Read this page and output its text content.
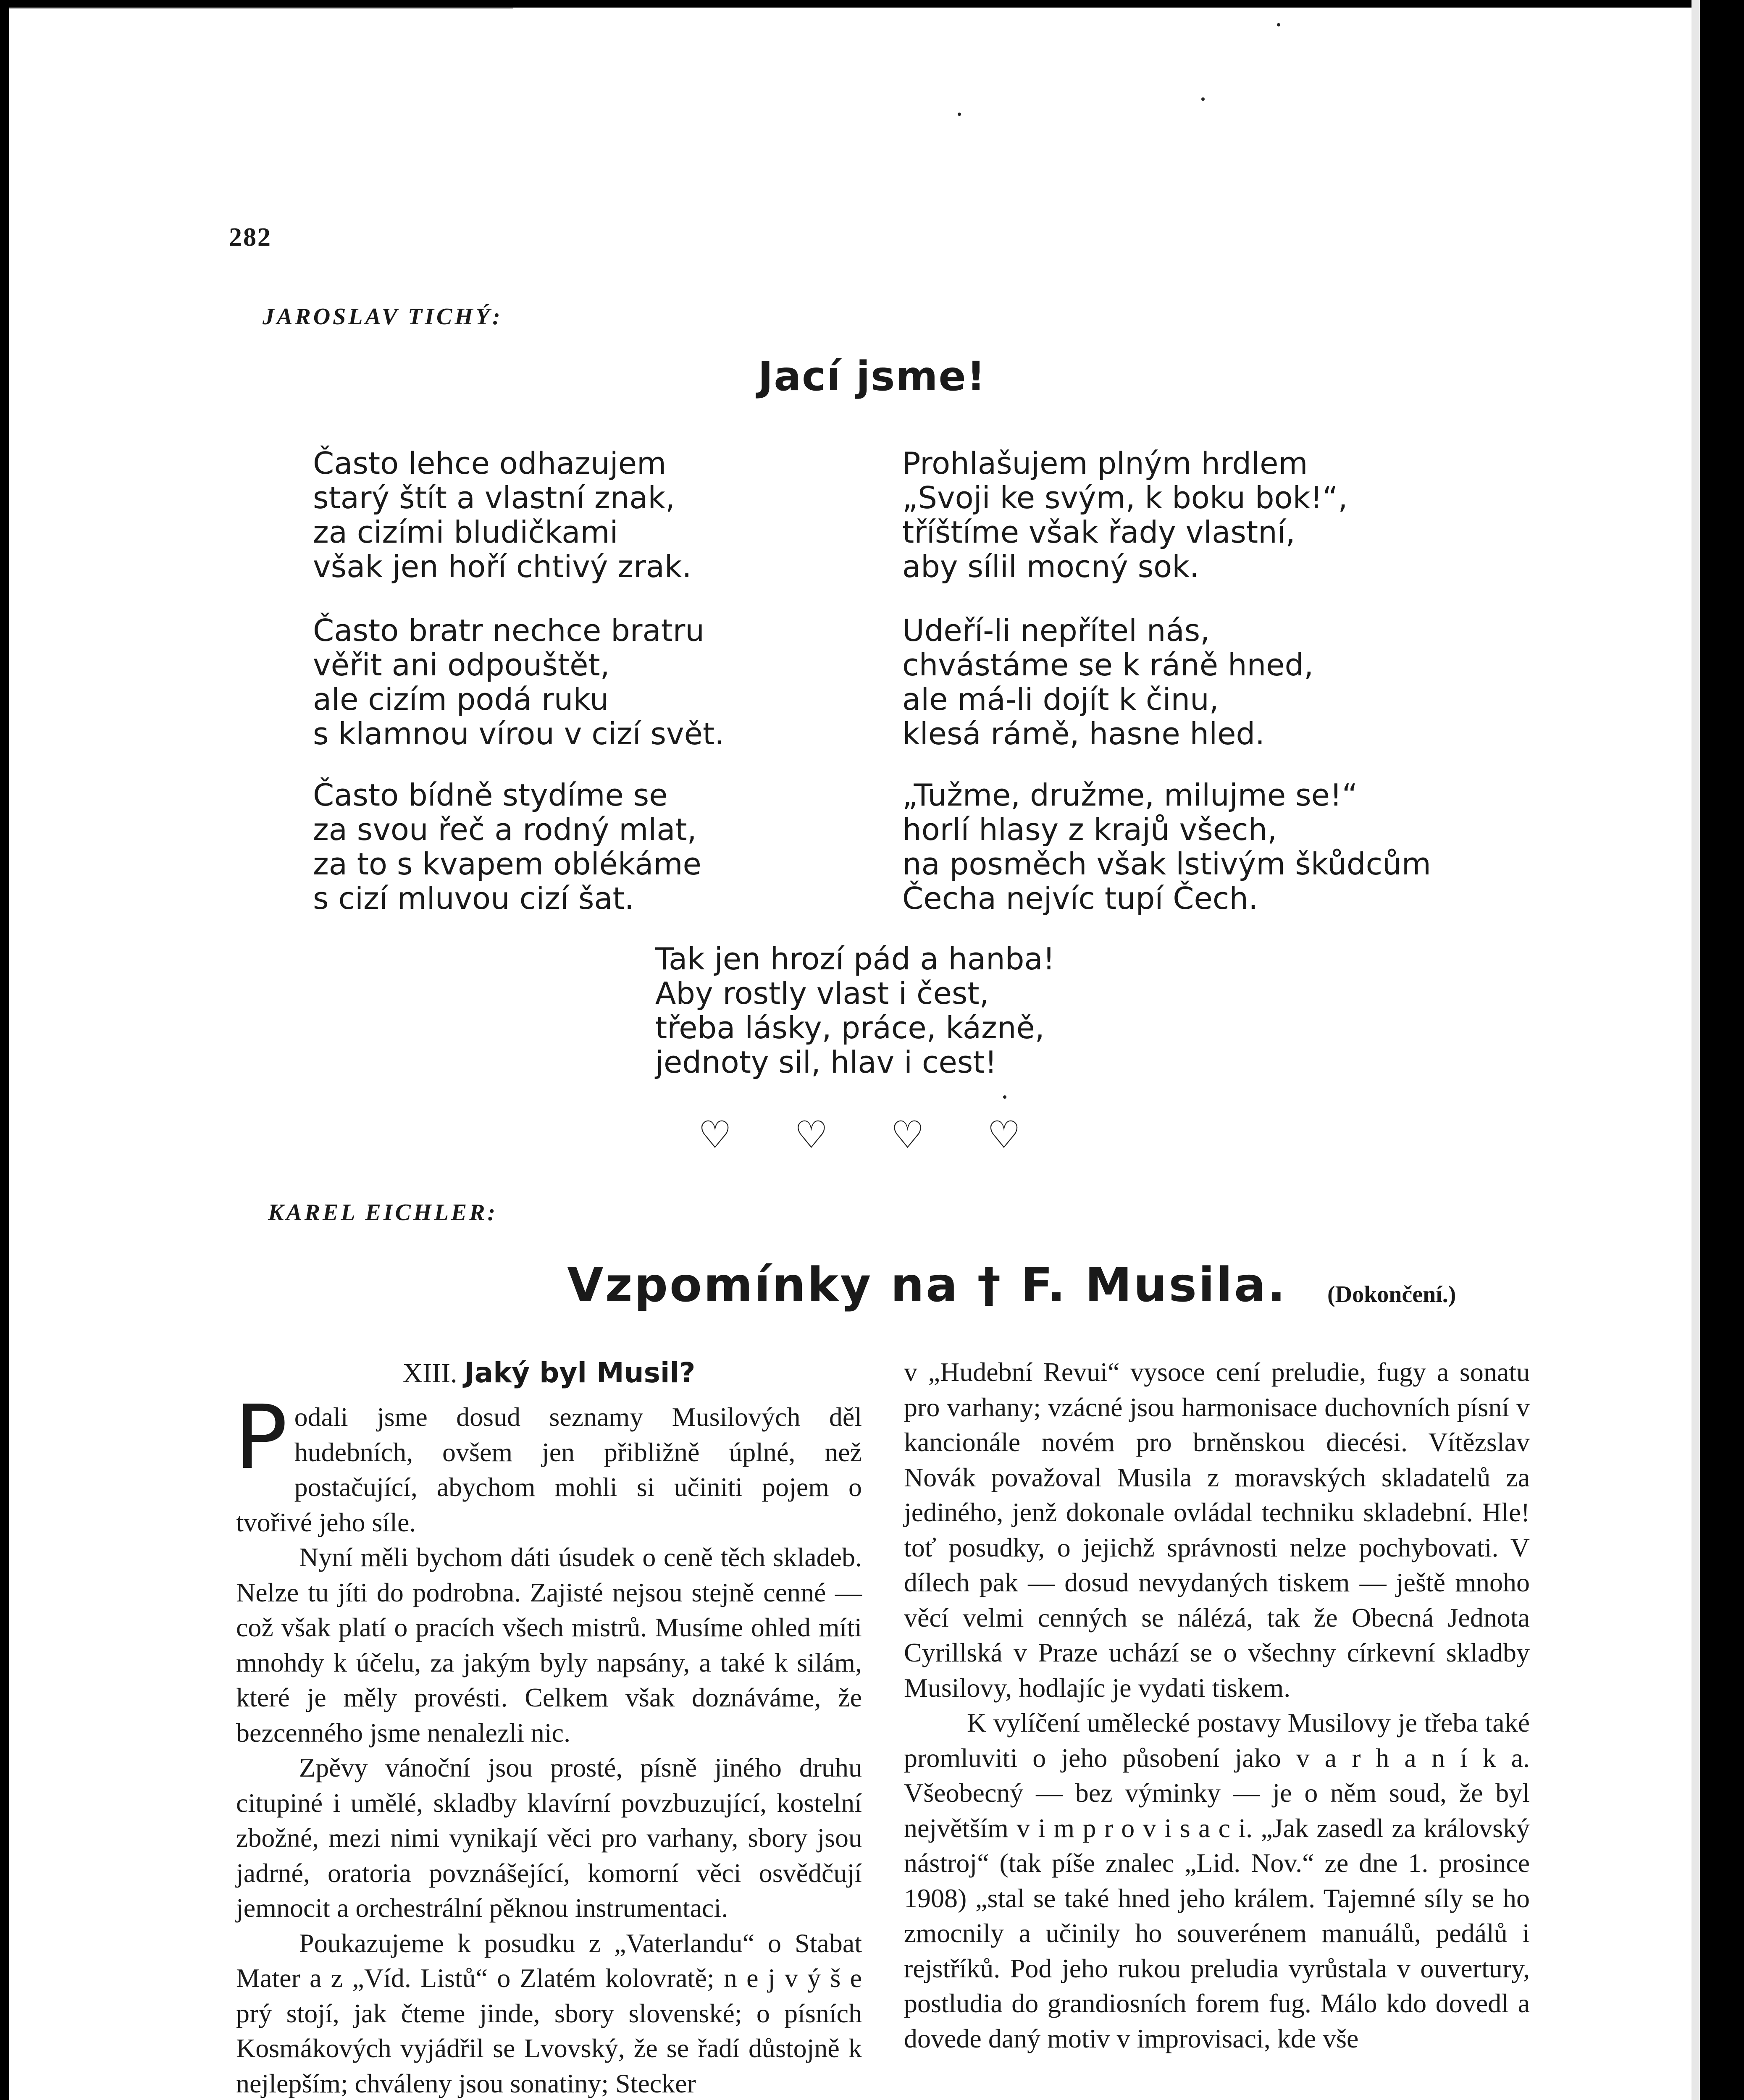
282
JAROSLAV TICHÝ:
Jací jsme!
Často lehce odhazujem
starý štít a vlastní znak,
za cizími bludičkami
však jen hoří chtivý zrak.
Často bratr nechce bratru
věřit ani odpouštět,
ale cizím podá ruku
s klamnou vírou v cizí svět.
Často bídně stydíme se
za svou řeč a rodný mlat,
za to s kvapem oblékáme
s cizí mluvou cizí šat.
Prohlašujem plným hrdlem
„Svoji ke svým, k boku bok!“,
tříštíme však řady vlastní,
aby sílil mocný sok.
Udeří-li nepřítel nás,
chvástáme se k ráně hned,
ale má-li dojít k činu,
klesá rámě, hasne hled.
„Tužme, družme, milujme se!“
horlí hlasy z krajů všech,
na posměch však lstivým škůdcům
Čecha nejvíc tupí Čech.
Tak jen hrozí pád a hanba!
Aby rostly vlast i čest,
třeba lásky, práce, kázně,
jednoty sil, hlav i cest!
♡ ♡ ♡ ♡
KAREL EICHLER:
Vzpomínky na † F. Musila. (Dokončení.)
XIII. Jaký byl Musil?

Podali jsme dosud seznamy Musilových děl hudebních, ovšem jen přibližně úplné, než postačující, abychom mohli si učiniti pojem o tvořivé jeho síle.

Nyní měli bychom dáti úsudek o ceně těch skladeb. Nelze tu jíti do podrobna. Zajisté nejsou stejně cenné — což však platí o pracích všech mistrů. Musíme ohled míti mnohdy k účelu, za jakým byly napsány, a také k silám, které je měly provésti. Celkem však doznáváme, že bezcenného jsme nenalezli nic.

Zpěvy vánoční jsou prosté, písně jiného druhu citupiné i umělé, skladby klavírní povzbuzující, kostelní zbožné, mezi nimi vynikají věci pro varhany, sbory jsou jadrné, oratoria povznášející, komorní věci osvědčují jemnocit a orchestrální pěknou instrumentaci.

Poukazujeme k posudku z „Vaterlandu“ o Stabat Mater a z „Víd. Listů“ o Zlatém kolovratě; n e j v ý š e prý stojí, jak čteme jinde, sbory slovenské; o písních Kosmákových vyjádřil se Lvovský, že se řadí důstojně k nejlepším; chváleny jsou sonatiny; Stecker

v „Hudební Revui“ vysoce cení preludie, fugy a sonatu pro varhany; vzácné jsou harmonisace duchovních písní v kancionále novém pro brněnskou diecési. Vítězslav Novák považoval Musila z moravských skladatelů za jediného, jenž dokonale ovládal techniku skladební. Hle! toť posudky, o jejichž správnosti nelze pochybovati. V dílech pak — dosud nevydaných tiskem — ještě mnoho věcí velmi cenných se nálézá, tak že Obecná Jednota Cyrillská v Praze uchází se o všechny církevní skladby Musilovy, hodlajíc je vydati tiskem.

K vylíčení umělecké postavy Musilovy je třeba také promluviti o jeho působení jako v a r h a n í k a. Všeobecný — bez výminky — je o něm soud, že byl největším v i m p r o v i s a c i. „Jak zasedl za královský nástroj“ (tak píše znalec „Lid. Nov.“ ze dne 1. prosince 1908) „stal se také hned jeho králem. Tajemné síly se ho zmocnily a učinily ho souverénem manuálů, pedálů i rejstříků. Pod jeho rukou preludia vyrůstala v ouvertury, postludia do grandiosních forem fug. Málo kdo dovedl a dovede daný motiv v improvisaci, kde vše
